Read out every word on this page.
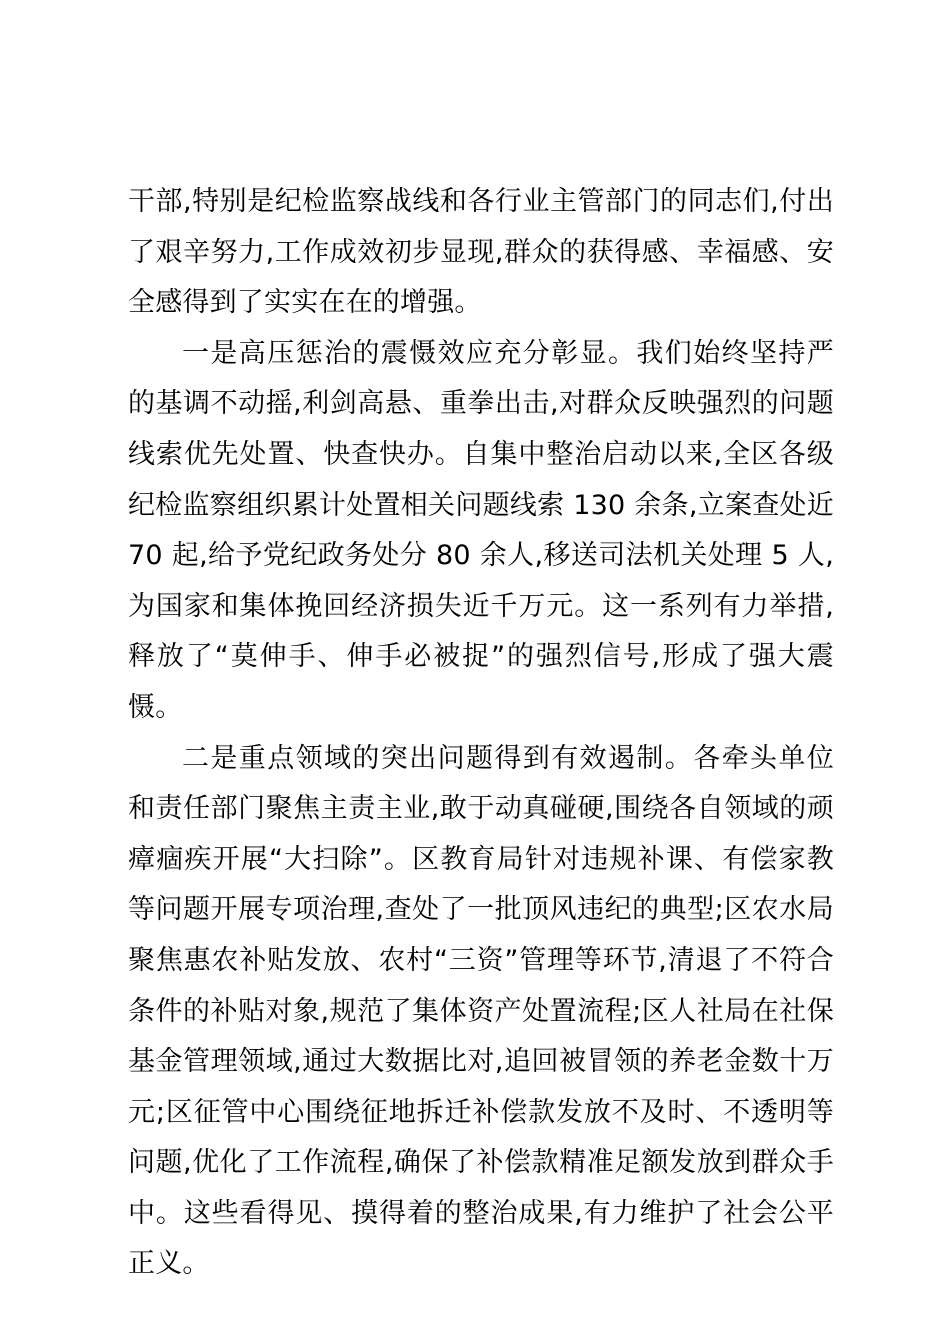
干部,特别是纪检监察战线和各行业主管部门的同志们,付出了艰辛努力,工作成效初步显现,群众的获得感、幸福感、安全感得到了实实在在的增强。

一是高压惩治的震慑效应充分彰显。我们始终坚持严的基调不动摇,利剑高悬、重拳出击,对群众反映强烈的问题线索优先处置、快查快办。自集中整治启动以来,全区各级纪检监察组织累计处置相关问题线索 130 余条,立案查处近 70 起,给予党纪政务处分 80 余人,移送司法机关处理 5 人,为国家和集体挽回经济损失近千万元。这一系列有力举措,释放了“莫伸手、伸手必被捉”的强烈信号,形成了强大震慑。

二是重点领域的突出问题得到有效遏制。各牵头单位和责任部门聚焦主责主业,敢于动真碰硬,围绕各自领域的顽瘴痼疾开展“大扫除”。区教育局针对违规补课、有偿家教等问题开展专项治理,查处了一批顶风违纪的典型;区农水局聚焦惠农补贴发放、农村“三资”管理等环节,清退了不符合条件的补贴对象,规范了集体资产处置流程;区人社局在社保基金管理领域,通过大数据比对,追回被冒领的养老金数十万元;区征管中心围绕征地拆迁补偿款发放不及时、不透明等问题,优化了工作流程,确保了补偿款精准足额发放到群众手中。这些看得见、摸得着的整治成果,有力维护了社会公平正义。
